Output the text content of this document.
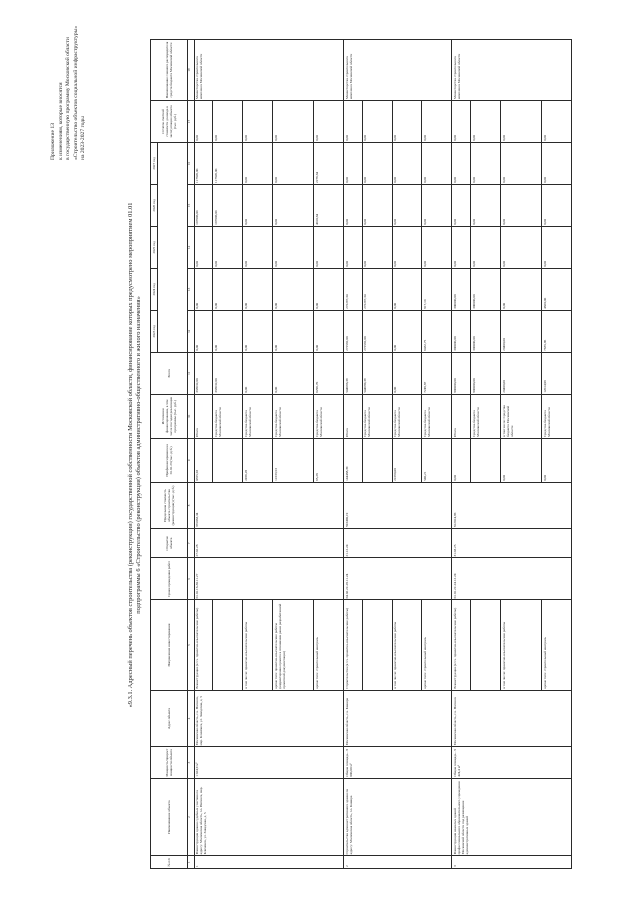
Приложение 13 к изменениям, которые вносятся в государственную программу Московской области «Строительство объектов социальной инфраструктуры» на 2023-2027 годы
«9.3.1. Адресный перечень объектов строительства (реконструкции) государственной собственности Московской области, финансирование которых предусмотрено мероприятием 01.01 подпрограммы 6 «Строительство (реконструкция) объектов административно-общественного и жилого назначения»
№ п/п	Наименование объекта	Мощность/прирост мощности объекта	Адрес объекта	Направление инвестирования	Сроки проведения работ	Открытие объекта	Предельная стоимость объекта строительства (реконструкции) (тыс. руб.)	Профинансировано на 01.01.23 (тыс. руб.)	Источники финансирования, в том числе по годам реализации программы (тыс. руб.)	Всего	2023 год	2024 год	2025 год	2026 год	2027 год	Остаток сметной стоимости до ввода в эксплуатацию объекта (тыс. руб.)	Наименование главного распорядителя средств бюджета Московской области

1	2	3	4	5	6	7	8	9	10	11	12	13	14	15	16	17	18
1	Реконструкция здания судебных участков по адресу: Московская область, г.о. Ногинск, мкр. Климовск, ул. Заводская, д. 5	1 024,9 м²	Московская область, г.о. Ногинск, мкр. Климовск, ул. Заводская, д. 5	Реконструкция (в т.ч. проектно-изыскательские работы)	01.01.16-30.11.27	27.02.28	355063,34	0355,93	Итого	333632,00	0,00	0,00	0,00	107806,00	117826,00	0,00	Министерство строительного комплекса Московской области
									Средства бюджета Московской области	333632,00	0,00	0,00	0,00	107806,00	117826,00	0,00	
				в том числе: проектно-изыскательские работы				2456,28	Средства бюджета Московской области	0,00	0,00	0,00	0,00	0,00	0,00	0,00	
				кроме того: проектно-изыскательские работы (корректировка проекта в отношении ранее разработанной проектной документации)				12233,53	Средства бюджета Московской области	0,00	0,00	0,00	0,00	0,00	0,00	0,00	
				кроме того: строительный контроль				65,28	Средства бюджета Московской области	6296,70	0,00	0,00	0,00	4010,64	2276,64	0,00	
2	Строительство административного здания по адресу: Московская область, г.о. Кашира	Общая площадь - 8 000,00 м²	Московская область, г.о. Кашира	Строительство (в т.ч. проектно-изыскательские работы)	04.02.22-28.11.24	21.12.24	593490,19	144488,39	Итого	544696,39	272592,00	272297,34	0,00	0,00	0,00	0,00	Министерство строительного комплекса Московской области
									Средства бюджета Московской области	544689,39	272592,00	272297,34	0,00	0,00	0,00	0,00	
				в том числе: проектно-изыскательские работы				22290,00	Средства бюджета Московской области	0,00	0,00	0,00	0,00	0,00	0,00	0,00	
				кроме того: строительный контроль				540,21	Средства бюджета Московской области	7249,87	6432,75	817,10	0,00	0,00	0,00	0,00	
3	Реконструкция нежилых зданий профессионального образовательного учреждения Московской области под размещение административных зданий	Общая площадь - 9 424,4 м²	Московская область, г.о. Ногинск	Реконструкция (в т.ч. проектно-изыскательские работы)	01.01.22-24.12.24	31.03.25	812014,96	0,00	Итого	800000,00	300000,00	300000,00	0,00	0,00	0,00	0,00	Министерство строительного комплекса Московской области
									Средства бюджета Московской области	800000,00	300000,00	300000,00	0,00	0,00	0,00	0,00	
				в том числе: проектно-изыскательские работы				0,00	в том числе: Средства бюджета Московской области	20400,00	20400,00	0,00	0,00	0,00	0,00	0,00	
				кроме того: строительный контроль				0,00	Средства бюджета Московской области	12014,96	7635,96	4820,00	0,00	0,00	0,00	0,00	
